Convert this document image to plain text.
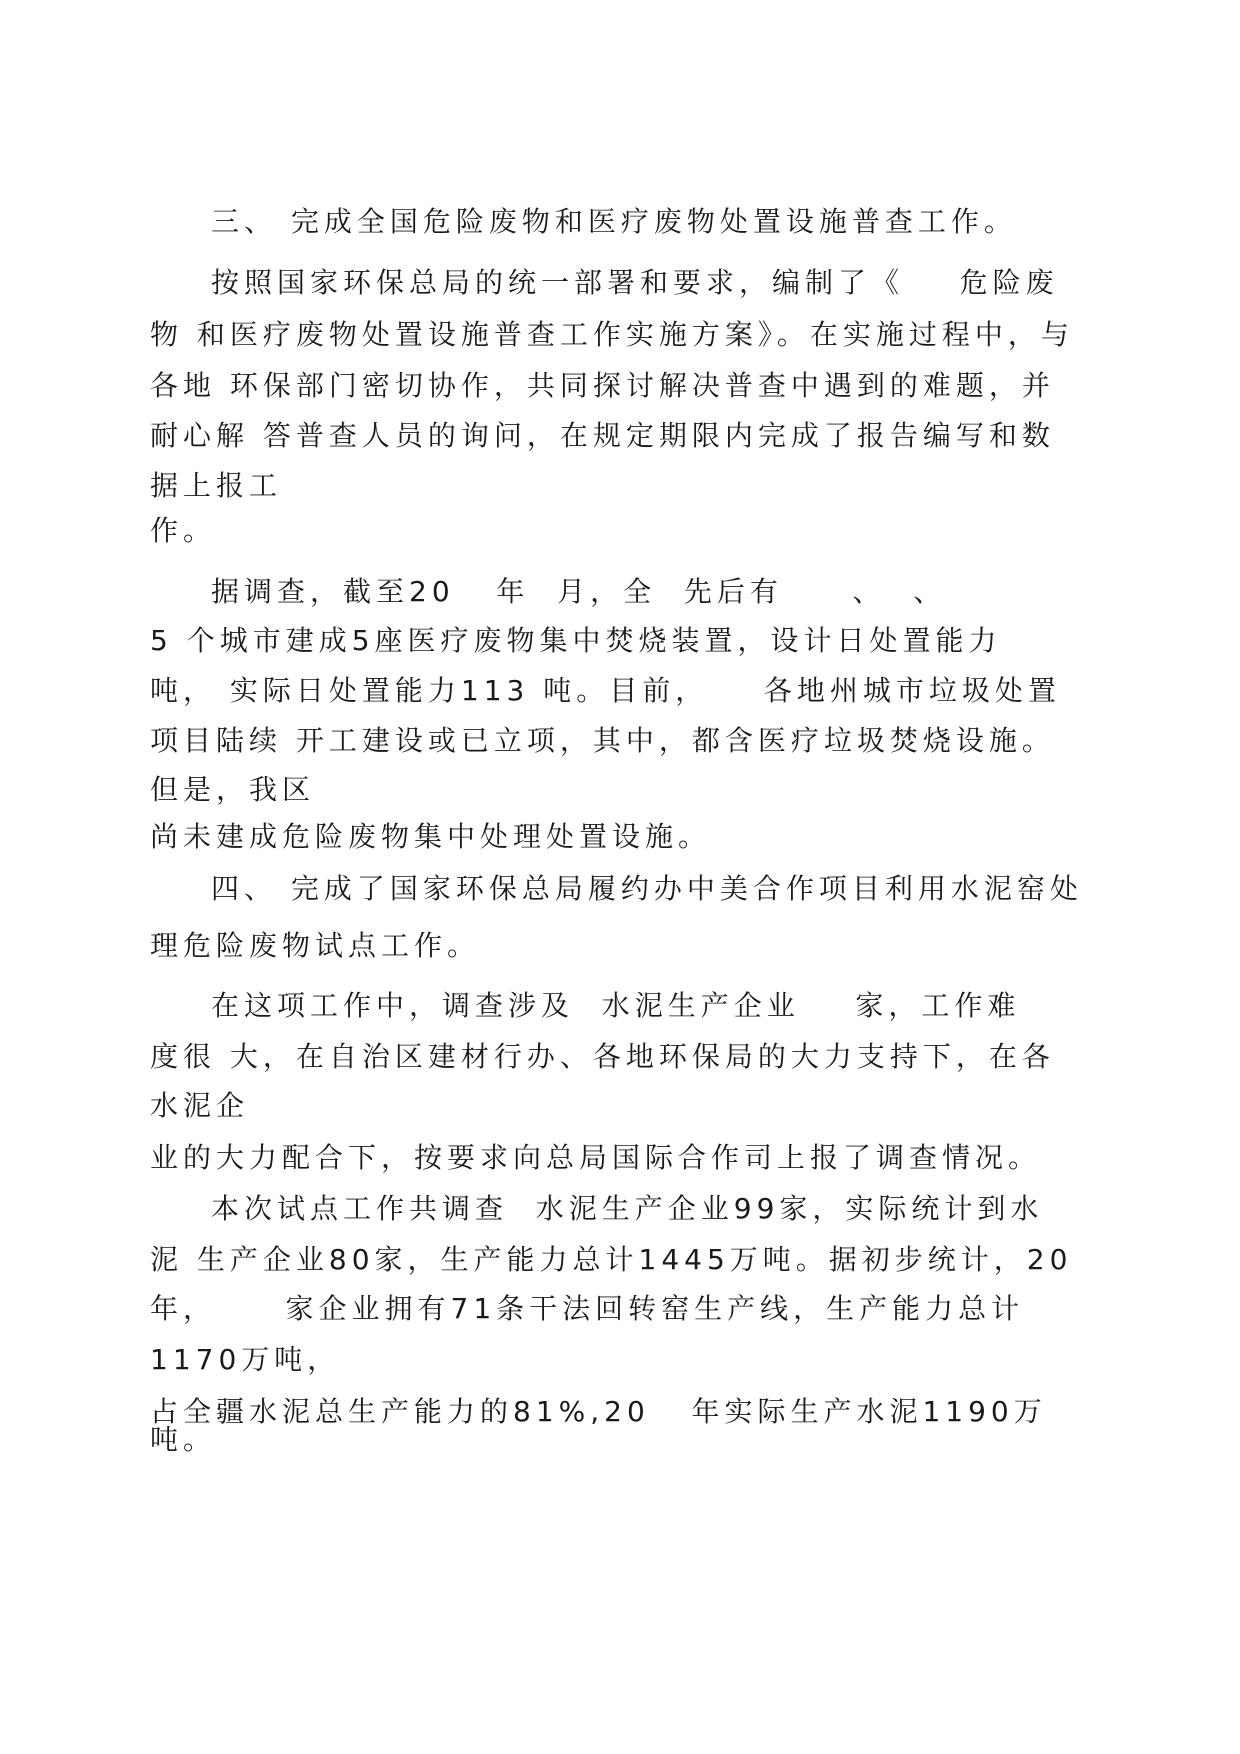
三、 完成全国危险废物和医疗废物处置设施普查工作。

按照国家环保总局的统一部署和要求，编制了《    危险废

物 和医疗废物处置设施普查工作实施方案》。在实施过程中，与

各地 环保部门密切协作，共同探讨解决普查中遇到的难题，并

耐心解 答普查人员的询问，在规定期限内完成了报告编写和数

据上报工

作。

据调查，截至20   年  月，全  先后有     、  、

5 个城市建成5座医疗废物集中焚烧装置，设计日处置能力

吨， 实际日处置能力113 吨。目前，    各地州城市垃圾处置

项目陆续 开工建设或已立项，其中，都含医疗垃圾焚烧设施。

但是，我区

尚未建成危险废物集中处理处置设施。

四、 完成了国家环保总局履约办中美合作项目利用水泥窑处

理危险废物试点工作。

在这项工作中，调查涉及  水泥生产企业    家，工作难

度很 大，在自治区建材行办、各地环保局的大力支持下，在各

水泥企

业的大力配合下，按要求向总局国际合作司上报了调查情况。

本次试点工作共调查  水泥生产企业99家，实际统计到水

泥 生产企业80家，生产能力总计1445万吨。据初步统计，20

年，     家企业拥有71条干法回转窑生产线，生产能力总计

1170万吨，

占全疆水泥总生产能力的81%,20   年实际生产水泥1190万

吨。
